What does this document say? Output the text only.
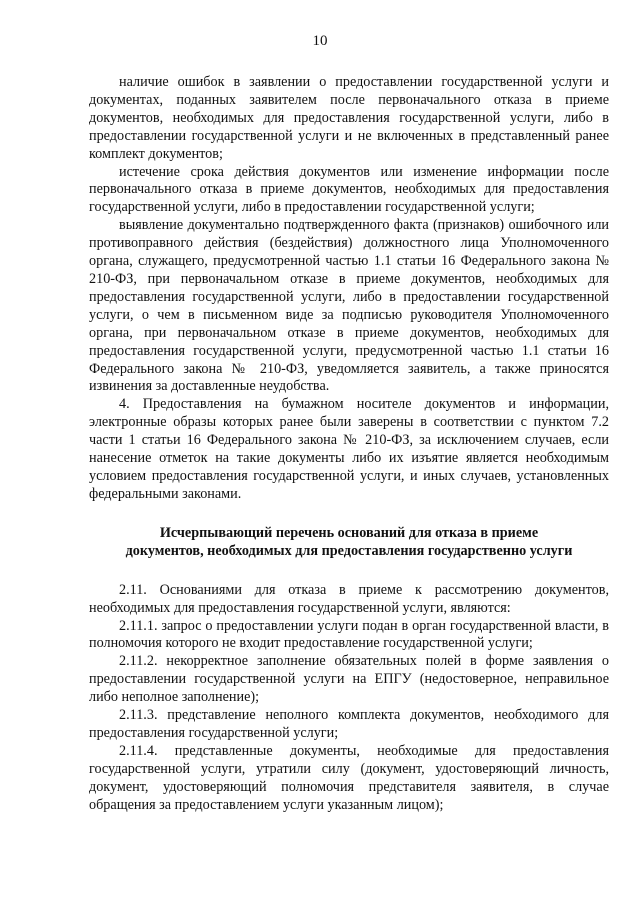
10

наличие ошибок в заявлении о предоставлении государственной услуги и документах, поданных заявителем после первоначального отказа в приеме документов, необходимых для предоставления государственной услуги, либо в предоставлении государственной услуги и не включенных в представленный ранее комплект документов;

истечение срока действия документов или изменение информации после первоначального отказа в приеме документов, необходимых для предоставления государственной услуги, либо в предоставлении государственной услуги;

выявление документально подтвержденного факта (признаков) ошибочного или противоправного действия (бездействия) должностного лица Уполномоченного органа, служащего, предусмотренной частью 1.1 статьи 16 Федерального закона № 210-ФЗ, при первоначальном отказе в приеме документов, необходимых для предоставления государственной услуги, либо в предоставлении государственной услуги, о чем в письменном виде за подписью руководителя Уполномоченного органа, при первоначальном отказе в приеме документов, необходимых для предоставления государственной услуги, предусмотренной частью 1.1 статьи 16 Федерального закона № 210-ФЗ, уведомляется заявитель, а также приносятся извинения за доставленные неудобства.

4. Предоставления на бумажном носителе документов и информации, электронные образы которых ранее были заверены в соответствии с пунктом 7.2 части 1 статьи 16 Федерального закона № 210-ФЗ, за исключением случаев, если нанесение отметок на такие документы либо их изъятие является необходимым условием предоставления государственной услуги, и иных случаев, установленных федеральными законами.

Исчерпывающий перечень оснований для отказа в приеме
документов, необходимых для предоставления государственно услуги

2.11. Основаниями для отказа в приеме к рассмотрению документов, необходимых для предоставления государственной услуги, являются:

2.11.1. запрос о предоставлении услуги подан в орган государственной власти, в полномочия которого не входит предоставление государственной услуги;

2.11.2. некорректное заполнение обязательных полей в форме заявления о предоставлении государственной услуги на ЕПГУ (недостоверное, неправильное либо неполное заполнение);

2.11.3. представление неполного комплекта документов, необходимого для предоставления государственной услуги;

2.11.4. представленные документы, необходимые для предоставления государственной услуги, утратили силу (документ, удостоверяющий личность, документ, удостоверяющий полномочия представителя заявителя, в случае обращения за предоставлением услуги указанным лицом);
